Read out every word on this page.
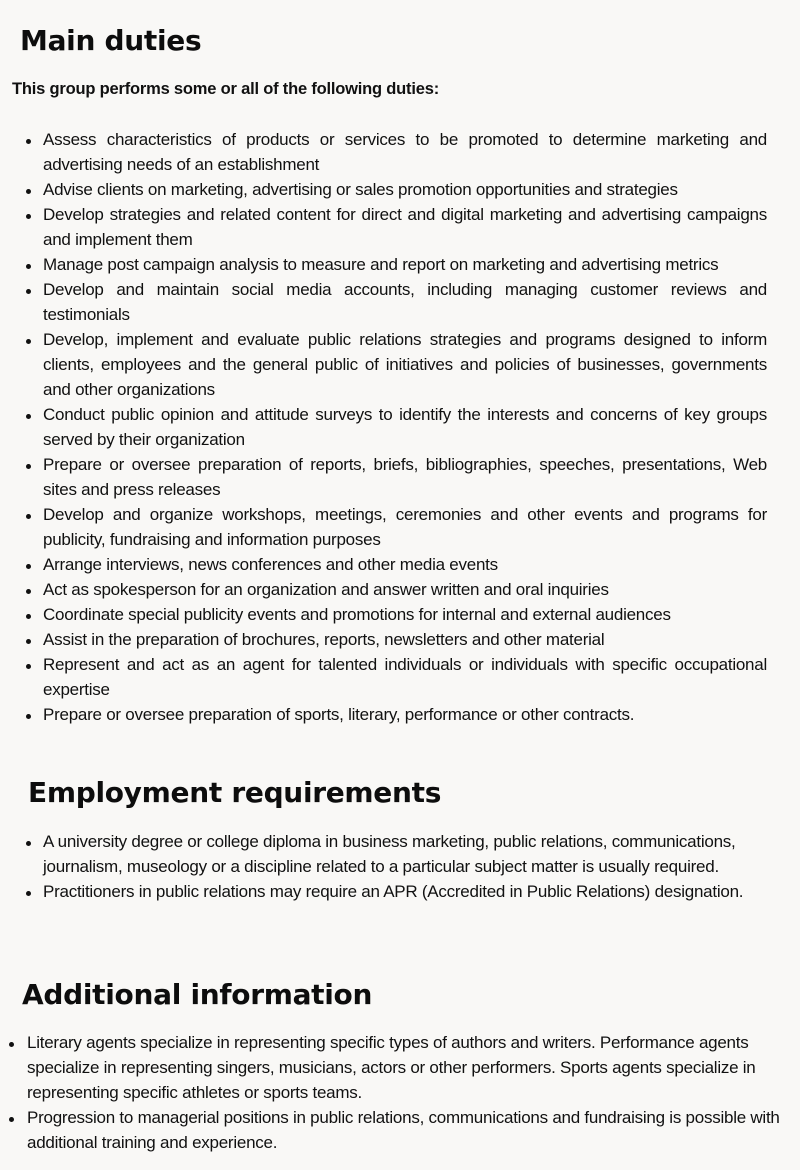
Main duties
This group performs some or all of the following duties:
Assess characteristics of products or services to be promoted to determine marketing and advertising needs of an establishment
Advise clients on marketing, advertising or sales promotion opportunities and strategies
Develop strategies and related content for direct and digital marketing and advertising campaigns and implement them
Manage post campaign analysis to measure and report on marketing and advertising metrics
Develop and maintain social media accounts, including managing customer reviews and testimonials
Develop, implement and evaluate public relations strategies and programs designed to inform clients, employees and the general public of initiatives and policies of businesses, governments and other organizations
Conduct public opinion and attitude surveys to identify the interests and concerns of key groups served by their organization
Prepare or oversee preparation of reports, briefs, bibliographies, speeches, presentations, Web sites and press releases
Develop and organize workshops, meetings, ceremonies and other events and programs for publicity, fundraising and information purposes
Arrange interviews, news conferences and other media events
Act as spokesperson for an organization and answer written and oral inquiries
Coordinate special publicity events and promotions for internal and external audiences
Assist in the preparation of brochures, reports, newsletters and other material
Represent and act as an agent for talented individuals or individuals with specific occupational expertise
Prepare or oversee preparation of sports, literary, performance or other contracts.
Employment requirements
A university degree or college diploma in business marketing, public relations, communications, journalism, museology or a discipline related to a particular subject matter is usually required.
Practitioners in public relations may require an APR (Accredited in Public Relations) designation.
Additional information
Literary agents specialize in representing specific types of authors and writers. Performance agents specialize in representing singers, musicians, actors or other performers. Sports agents specialize in representing specific athletes or sports teams.
Progression to managerial positions in public relations, communications and fundraising is possible with additional training and experience.
